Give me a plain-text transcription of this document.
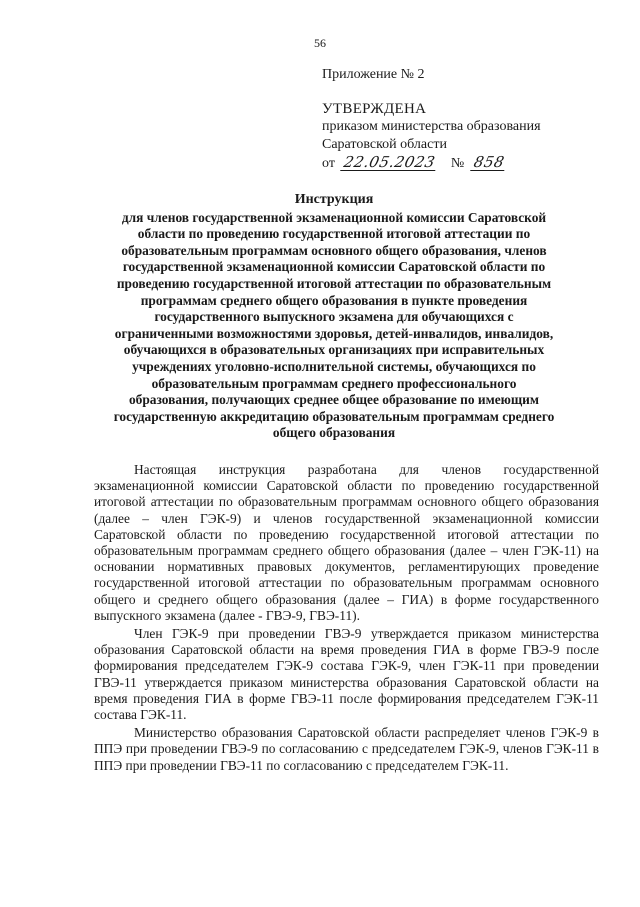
56
Приложение № 2
УТВЕРЖДЕНА
приказом министерства образования
Саратовской области
от 22.05.2023 № 858
Инструкция
для членов государственной экзаменационной комиссии Саратовской
области по проведению государственной итоговой аттестации по
образовательным программам основного общего образования, членов
государственной экзаменационной комиссии Саратовской области по
проведению государственной итоговой аттестации по образовательным
программам среднего общего образования в пункте проведения
государственного выпускного экзамена для обучающихся с
ограниченными возможностями здоровья, детей-инвалидов, инвалидов,
обучающихся в образовательных организациях при исправительных
учреждениях уголовно-исполнительной системы, обучающихся по
образовательным программам среднего профессионального
образования, получающих среднее общее образование по имеющим
государственную аккредитацию образовательным программам среднего
общего образования

Настоящая инструкция разработана для членов государственной экзаменационной комиссии Саратовской области по проведению государственной итоговой аттестации по образовательным программам основного общего образования (далее – член ГЭК-9) и членов государственной экзаменационной комиссии Саратовской области по проведению государственной итоговой аттестации по образовательным программам среднего общего образования (далее – член ГЭК-11) на основании нормативных правовых документов, регламентирующих проведение государственной итоговой аттестации по образовательным программам основного общего и среднего общего образования (далее – ГИА) в форме государственного выпускного экзамена (далее - ГВЭ-9, ГВЭ-11).

Член ГЭК-9 при проведении ГВЭ-9 утверждается приказом министерства образования Саратовской области на время проведения ГИА в форме ГВЭ-9 после формирования председателем ГЭК-9 состава ГЭК-9, член ГЭК-11 при проведении ГВЭ-11 утверждается приказом министерства образования Саратовской области на время проведения ГИА в форме ГВЭ-11 после формирования председателем ГЭК-11 состава ГЭК-11.

Министерство образования Саратовской области распределяет членов ГЭК-9 в ППЭ при проведении ГВЭ-9 по согласованию с председателем ГЭК-9, членов ГЭК-11 в ППЭ при проведении ГВЭ-11 по согласованию с председателем ГЭК-11.
